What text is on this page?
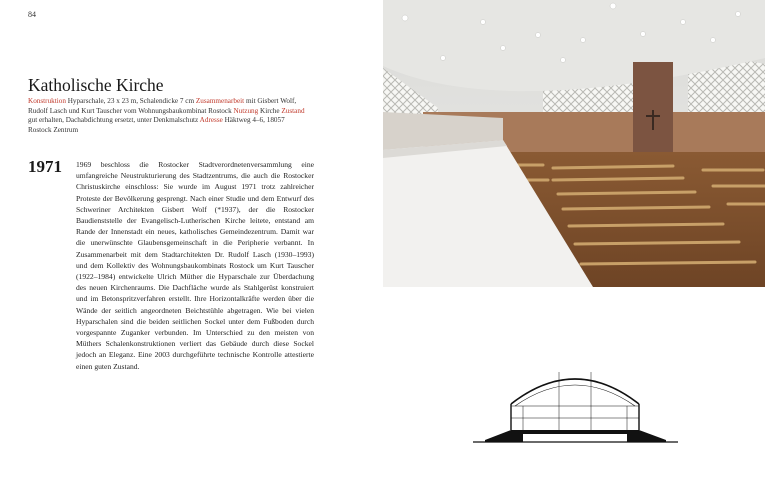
84
Katholische Kirche
Konstruktion Hyparschale, 23 x 23 m, Schalendicke 7 cm Zusammenarbeit mit Gisbert Wolf, Rudolf Lasch und Kurt Tauscher vom Wohnungsbaukombinat Rostock Nutzung Kirche Zustand gut erhalten, Dachabdichtung ersetzt, unter Denkmalschutz Adresse Häktweg 4–6, 18057 Rostock Zentrum
1971 1969 beschloss die Rostocker Stadtverordnetenversammlung eine umfangreiche Neustrukturierung des Stadtzentrums, die auch die Rostocker Christuskirche einschloss: Sie wurde im August 1971 trotz zahlreicher Proteste der Bevölkerung gesprengt. Nach einer Studie und dem Entwurf des Schweriner Architekten Gisbert Wolf (*1937), der die Rostocker Baudienststelle der Evangelisch-Lutherischen Kirche leitete, entstand am Rande der Innenstadt ein neues, katholisches Gemeindezentrum. Damit war die unerwünschte Glaubensgemeinschaft in die Peripherie verbannt. In Zusammenarbeit mit dem Stadtarchitekten Dr. Rudolf Lasch (1930–1993) und dem Kollektiv des Wohnungsbaukombinats Rostock um Kurt Tauscher (1922–1984) entwickelte Ulrich Müther die Hyparschale zur Überdachung des neuen Kirchenraums. Die Dachfläche wurde als Stahlgerüst konstruiert und im Betonspritzverfahren erstellt. Ihre Horizontalkräfte werden über die Wände der seitlich angeordneten Beichtstühle abgetragen. Wie bei vielen Hyparschalen sind die beiden seitlichen Sockel unter dem Fußboden durch vorgespannte Zuganker verbunden. Im Unterschied zu den meisten von Müthers Schalenkonstruktionen verliert das Gebäude durch diese Sockel jedoch an Eleganz. Eine 2003 durchgeführte technische Kontrolle attestierte einen guten Zustand.
